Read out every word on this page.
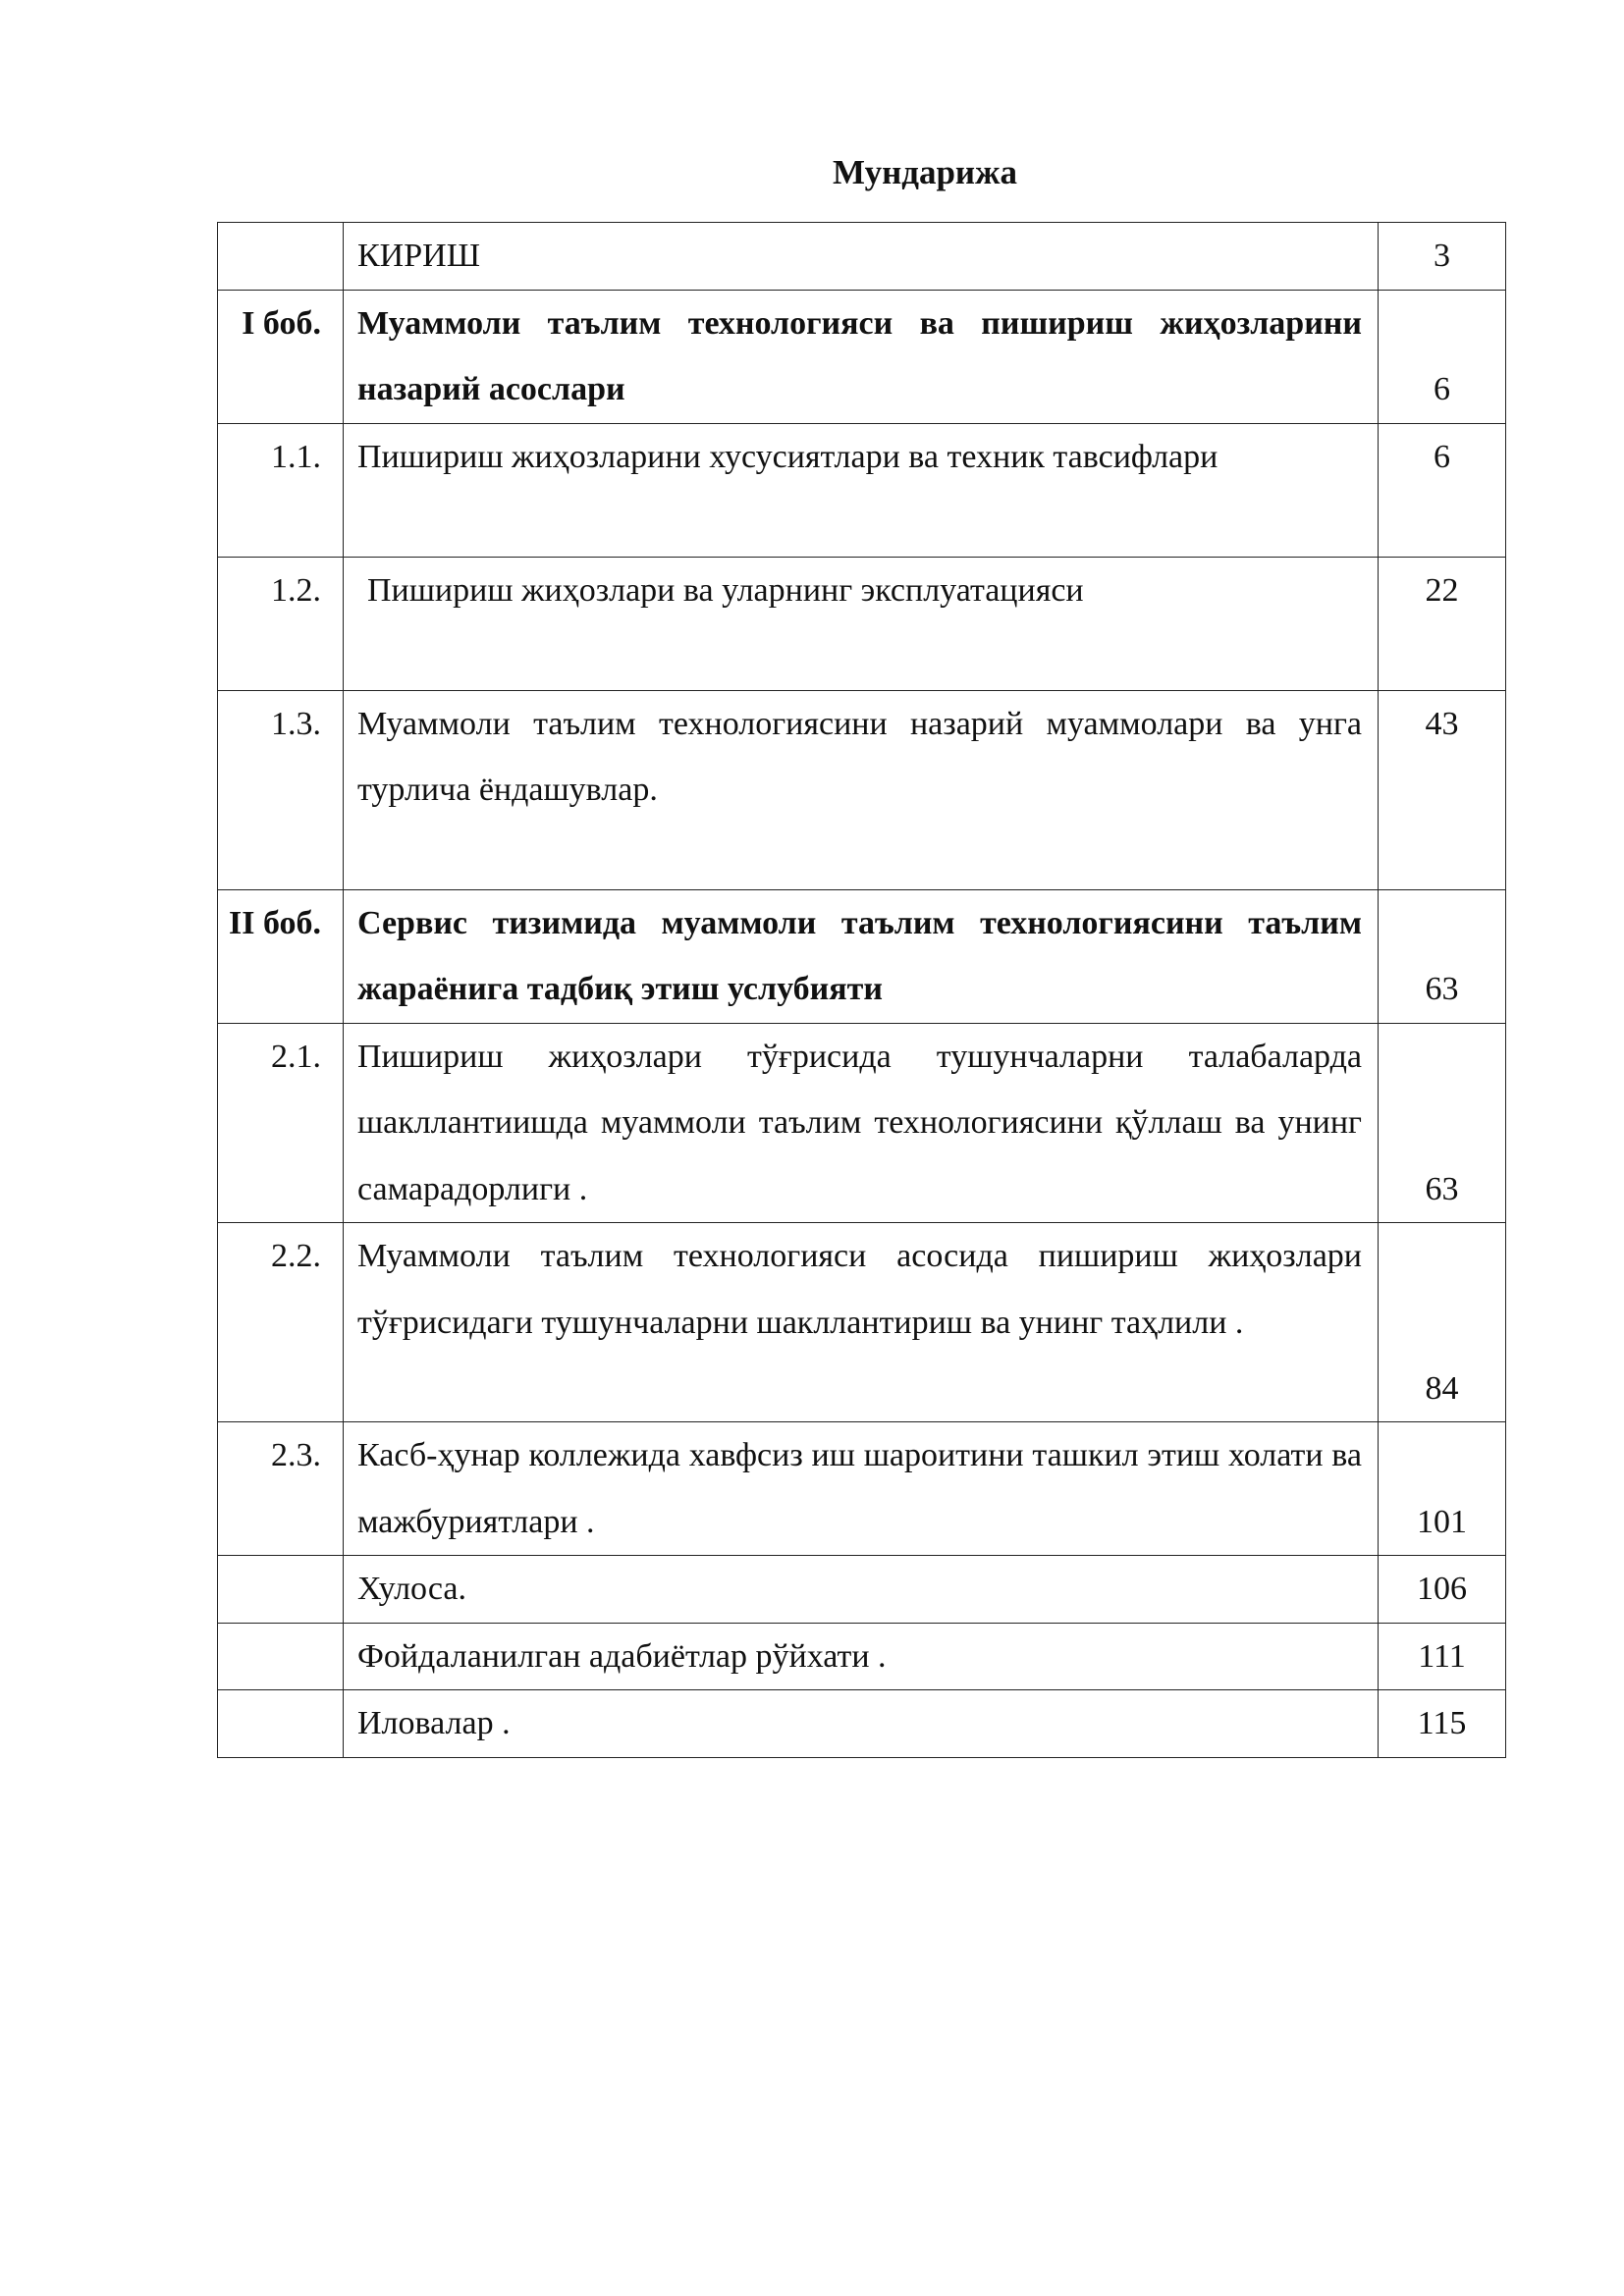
Мундарижа
	КИРИШ	3
I боб.	Муаммоли таълим технологияси ва пишириш жиҳозларини назарий асослари	6
1.1.	Пишириш жиҳозларини хусусиятлари ва техник тавсифлари	6
1.2.	Пишириш жиҳозлари ва уларнинг эксплуатацияси	22
1.3.	Муаммоли таълим технологиясини назарий муаммолари ва унга турлича ёндашувлар.	43
II боб.	Сервис тизимида муаммоли таълим технологиясини таълим жараёнига тадбиқ этиш услубияти	63
2.1.	Пишириш жиҳозлари тўғрисида тушунчаларни талабаларда шакллантиишда муаммоли таълим технологиясини қўллаш ва унинг самарадорлиги .	63
2.2.	Муаммоли таълим технологияси асосида пишириш жиҳозлари тўғрисидаги тушунчаларни шакллантириш ва унинг таҳлили .	84
2.3.	Касб-ҳунар коллежида хавфсиз иш шароитини ташкил этиш холати ва мажбуриятлари .	101
	Хулоса.	106
	Фойдаланилган адабиётлар рўйхати .	111
	Иловалар .	115
